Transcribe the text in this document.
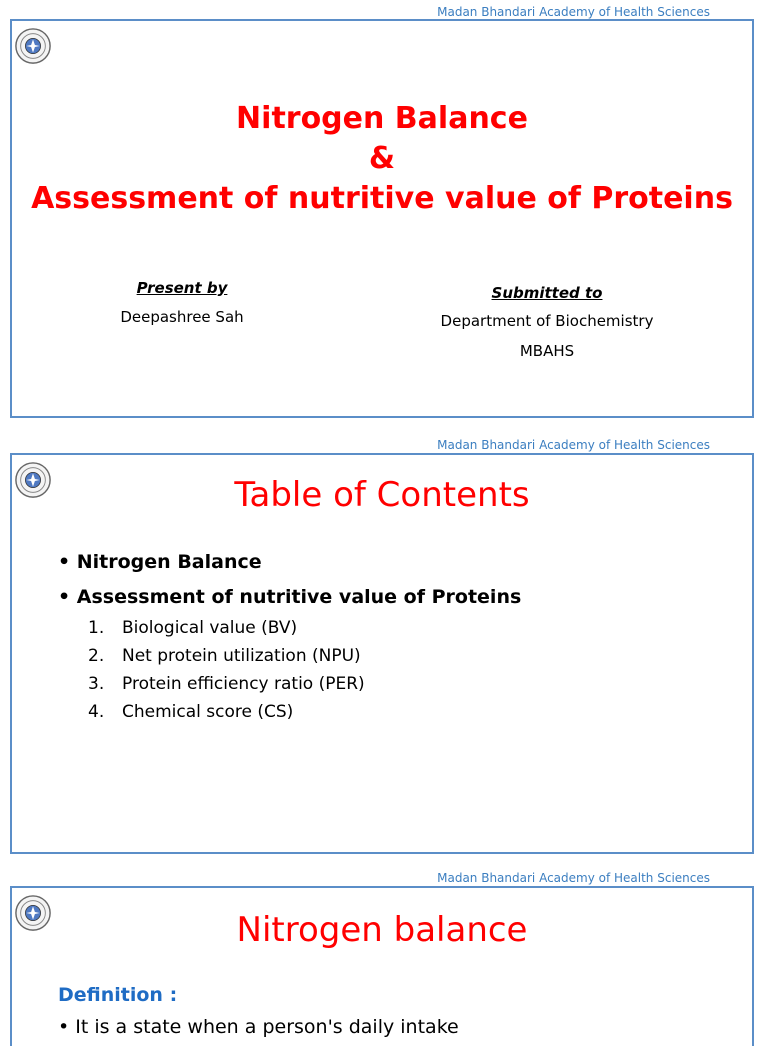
Madan Bhandari Academy of Health Sciences
Nitrogen Balance
&
Assessment of nutritive value of Proteins
Present by
Deepashree Sah
Submitted to
Department of Biochemistry
MBAHS
Madan Bhandari Academy of Health Sciences
Table of Contents
• Nitrogen Balance
• Assessment of nutritive value of Proteins
1. Biological value (BV)
2. Net protein utilization (NPU)
3. Protein efficiency ratio (PER)
4. Chemical score (CS)
Madan Bhandari Academy of Health Sciences
Nitrogen balance
Definition :
• It is a state when a person's daily intake
